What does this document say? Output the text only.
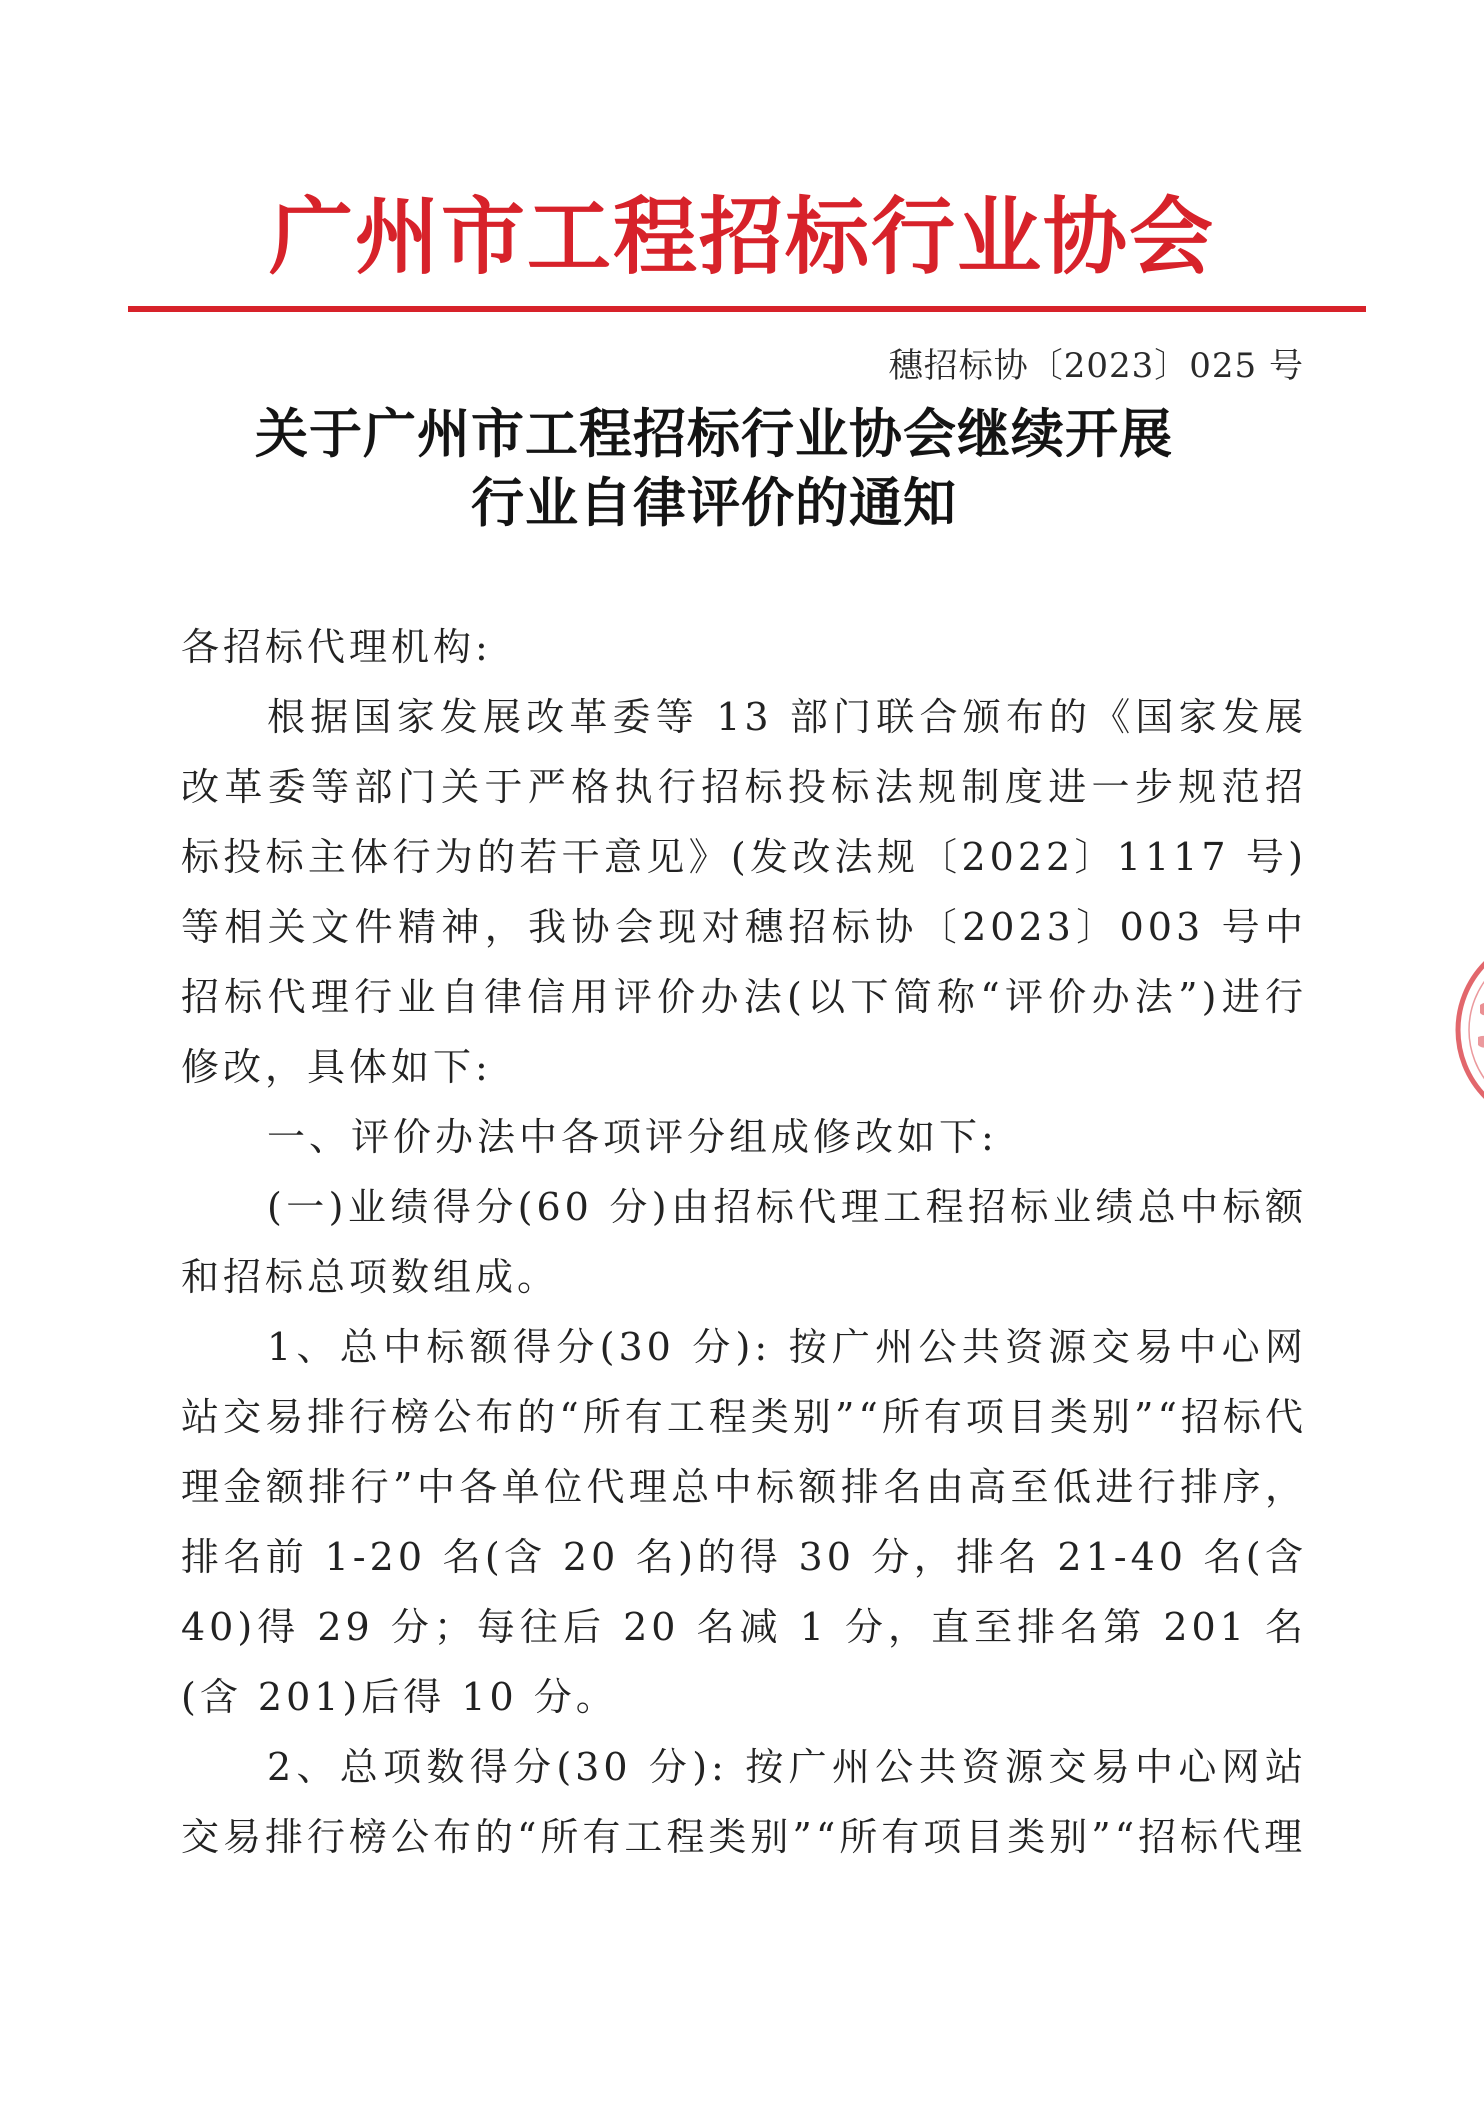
广州市工程招标行业协会
穗招标协〔2023〕025 号
关于广州市工程招标行业协会继续开展
行业自律评价的通知

各招标代理机构:

根据国家发展改革委等 13 部门联合颁布的《国家发展改革委等部门关于严格执行招标投标法规制度进一步规范招标投标主体行为的若干意见》(发改法规〔2022〕1117 号)等相关文件精神，我协会现对穗招标协〔2023〕003 号中招标代理行业自律信用评价办法(以下简称“评价办法”)进行修改，具体如下:

一、评价办法中各项评分组成修改如下:

(一)业绩得分(60 分)由招标代理工程招标业绩总中标额和招标总项数组成。

1、总中标额得分(30 分): 按广州公共资源交易中心网站交易排行榜公布的“所有工程类别”“所有项目类别”“招标代理金额排行”中各单位代理总中标额排名由高至低进行排序，排名前 1-20 名(含 20 名)的得 30 分，排名 21-40 名(含 40)得 29 分；每往后 20 名减 1 分，直至排名第 201 名(含 201)后得 10 分。

2、总项数得分(30 分): 按广州公共资源交易中心网站交易排行榜公布的“所有工程类别”“所有项目类别”“招标代理
